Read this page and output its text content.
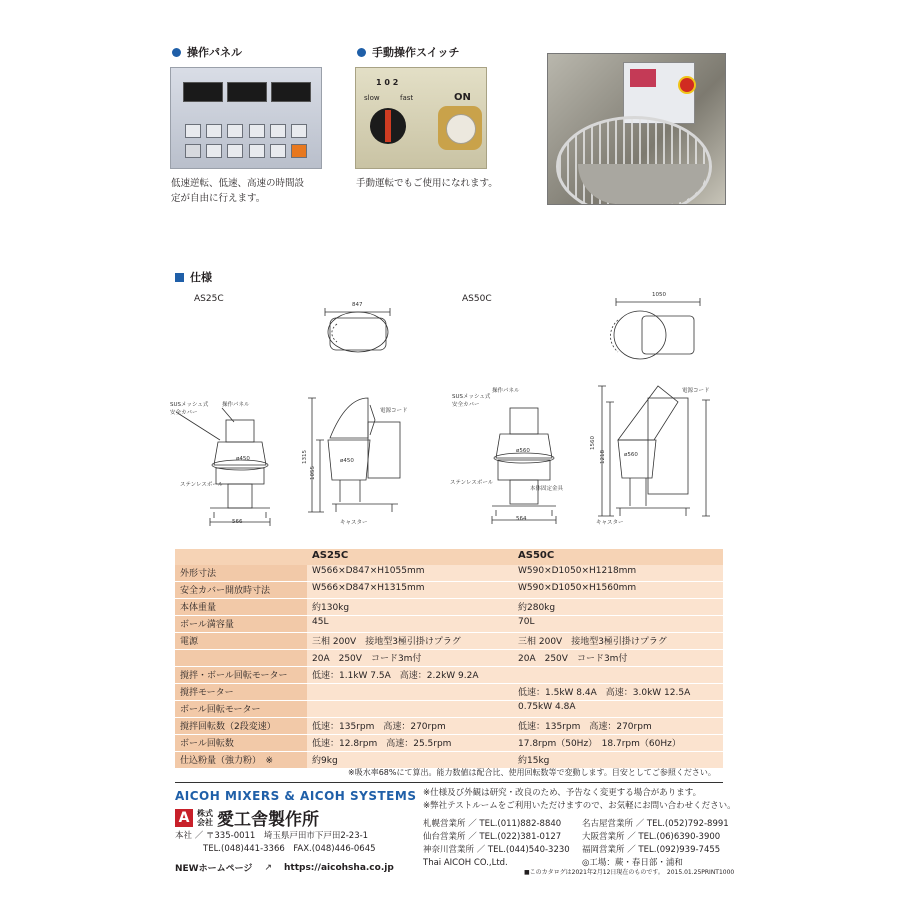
操作パネル	手動操作スイッチ
1 0 2
slow	fast	ON
低速逆転、低速、高速の時間設
定が自由に行えます。
手動運転でもご使用になれます。
仕様
AS25C	AS50C
847
566
SUSメッシュ式
安全カバー
操作パネル
電源コード
ステンレスボール
キャスター
ø450	ø450
1315
1055
1050
564
SUSメッシュ式
安全カバー
操作パネル	電源コード
ステンレスボール
本体固定金具
キャスター
ø560
ø560
1560
1218
	AS25C	AS50C
外形寸法	W566×D847×H1055mm	W590×D1050×H1218mm
安全カバー開放時寸法	W566×D847×H1315mm	W590×D1050×H1560mm
本体重量	約130kg	約280kg
ボール満容量	45L	70L
電源	三相 200V　接地型3極引掛けプラグ	三相 200V　接地型3極引掛けプラグ
	20A　250V　コード3m付	20A　250V　コード3m付
撹拌・ボール回転モーター	低速：1.1kW 7.5A　高速：2.2kW 9.2A	
撹拌モーター		低速：1.5kW 8.4A　高速：3.0kW 12.5A
ボール回転モーター		0.75kW 4.8A
撹拌回転数（2段変速）	低速：135rpm　高速：270rpm	低速：135rpm　高速：270rpm
ボール回転数	低速：12.8rpm　高速：25.5rpm	17.8rpm（50Hz）　18.7rpm（60Hz）
仕込粉量（強力粉）　※	約9kg	約15kg
※吸水率68%にて算出。能力数値は配合比、使用回転数等で変動します。目安としてご参照ください。
AICOH MIXERS & AICOH SYSTEMS
A 株式会社 愛工舎製作所
本社 ／ 〒335-0011　埼玉県戸田市下戸田2-23-1
TEL.(048)441-3366　FAX.(048)446-0645
NEWホームページ ↗ https://aicohsha.co.jp
※仕様及び外観は研究・改良のため、予告なく変更する場合があります。
※弊社テストルームをご利用いただけますので、お気軽にお問い合わせください。
札幌営業所 ／ TEL.(011)882-8840
仙台営業所 ／ TEL.(022)381-0127
神奈川営業所 ／ TEL.(044)540-3230
Thai AICOH CO.,Ltd.
名古屋営業所 ／ TEL.(052)792-8991
大阪営業所 ／ TEL.(06)6390-3900
福岡営業所 ／ TEL.(092)939-7455
◎工場：蕨・春日部・浦和
■このカタログは2021年2月12日現在のものです。　2015.01.25PRINT1000
